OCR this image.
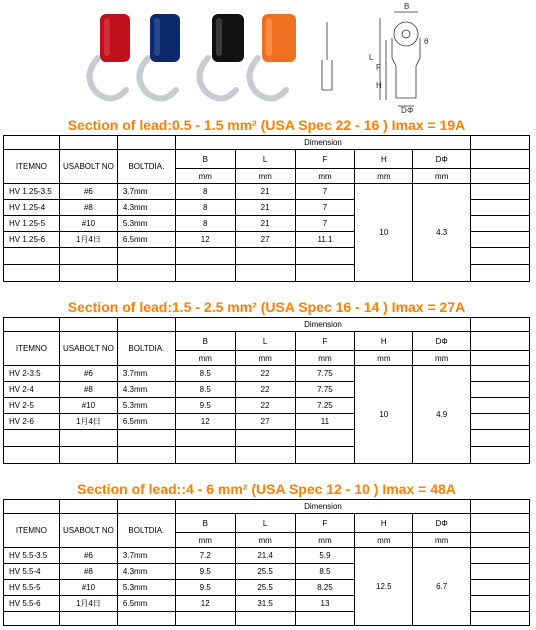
B
L
F
H
D Φ
θ
Section of lead:0.5 - 1.5 mm² (USA Spec 22 - 16 ) Imax = 19A
			Dimension					
ITEMNO	USABOLT NO	BOLTDIA.	B	L	F	H	DΦ	
			mm	mm	mm	mm	mm	
HV 1.25-3.5	#6	3.7mm	8	21	7	10	4.3	
HV 1.25-4	#8	4.3mm	8	21	7			
HV 1.25-5	#10	5.3mm	8	21	7			
HV 1.25-6	1月4日	6.5mm	12	27	11.1			

Section of lead:1.5 - 2.5 mm² (USA Spec 16 - 14 ) Imax = 27A
			Dimension					
ITEMNO	USABOLT NO	BOLTDIA.	B	L	F	H	DΦ	
			mm	mm	mm	mm	mm	
HV 2-3.5	#6	3.7mm	8.5	22	7.75	10	4.9	
HV 2-4	#8	4.3mm	8.5	22	7.75			
HV 2-5	#10	5.3mm	9.5	22	7.25			
HV 2-6	1月4日	6.5mm	12	27	11			

Section of lead::4 - 6 mm² (USA Spec 12 - 10 ) Imax = 48A
			Dimension					
ITEMNO	USABOLT NO	BOLTDIA.	B	L	F	H	DΦ	
			mm	mm	mm	mm	mm	
HV 5.5-3.5	#6	3.7mm	7.2	21.4	5.9	12.5	6.7	
HV 5.5-4	#8	4.3mm	9.5	25.5	8.5			
HV 5.5-5	#10	5.3mm	9.5	25.5	8.25			
HV 5.5-6	1月4日	6.5mm	12	31.5	13			
